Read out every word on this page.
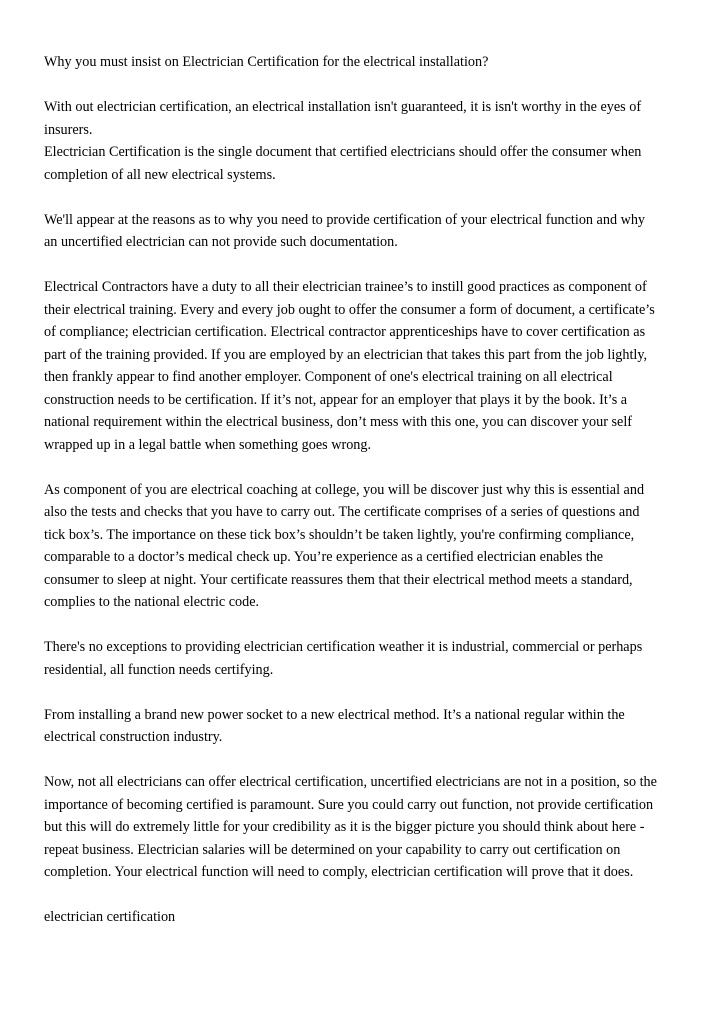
Why you must insist on Electrician Certification for the electrical installation?

With out electrician certification, an electrical installation isn't guaranteed, it is isn't worthy in the eyes of
insurers.
Electrician Certification is the single document that certified electricians should offer the consumer when
completion of all new electrical systems.

We'll appear at the reasons as to why you need to provide certification of your electrical function and why
an uncertified electrician can not provide such documentation.

Electrical Contractors have a duty to all their electrician trainee’s to instill good practices as component of
their electrical training. Every and every job ought to offer the consumer a form of document, a certificate’s
of compliance; electrician certification. Electrical contractor apprenticeships have to cover certification as
part of the training provided. If you are employed by an electrician that takes this part from the job lightly,
then frankly appear to find another employer. Component of one's electrical training on all electrical
construction needs to be certification. If it’s not, appear for an employer that plays it by the book. It’s a
national requirement within the electrical business, don’t mess with this one, you can discover your self
wrapped up in a legal battle when something goes wrong.

As component of you are electrical coaching at college, you will be discover just why this is essential and
also the tests and checks that you have to carry out. The certificate comprises of a series of questions and
tick box’s. The importance on these tick box’s shouldn’t be taken lightly, you're confirming compliance,
comparable to a doctor’s medical check up. You’re experience as a certified electrician enables the
consumer to sleep at night. Your certificate reassures them that their electrical method meets a standard,
complies to the national electric code.

There's no exceptions to providing electrician certification weather it is industrial, commercial or perhaps
residential, all function needs certifying.

From installing a brand new power socket to a new electrical method. It’s a national regular within the
electrical construction industry.

Now, not all electricians can offer electrical certification, uncertified electricians are not in a position, so the
importance of becoming certified is paramount. Sure you could carry out function, not provide certification
but this will do extremely little for your credibility as it is the bigger picture you should think about here -
repeat business. Electrician salaries will be determined on your capability to carry out certification on
completion. Your electrical function will need to comply, electrician certification will prove that it does.

electrician certification
